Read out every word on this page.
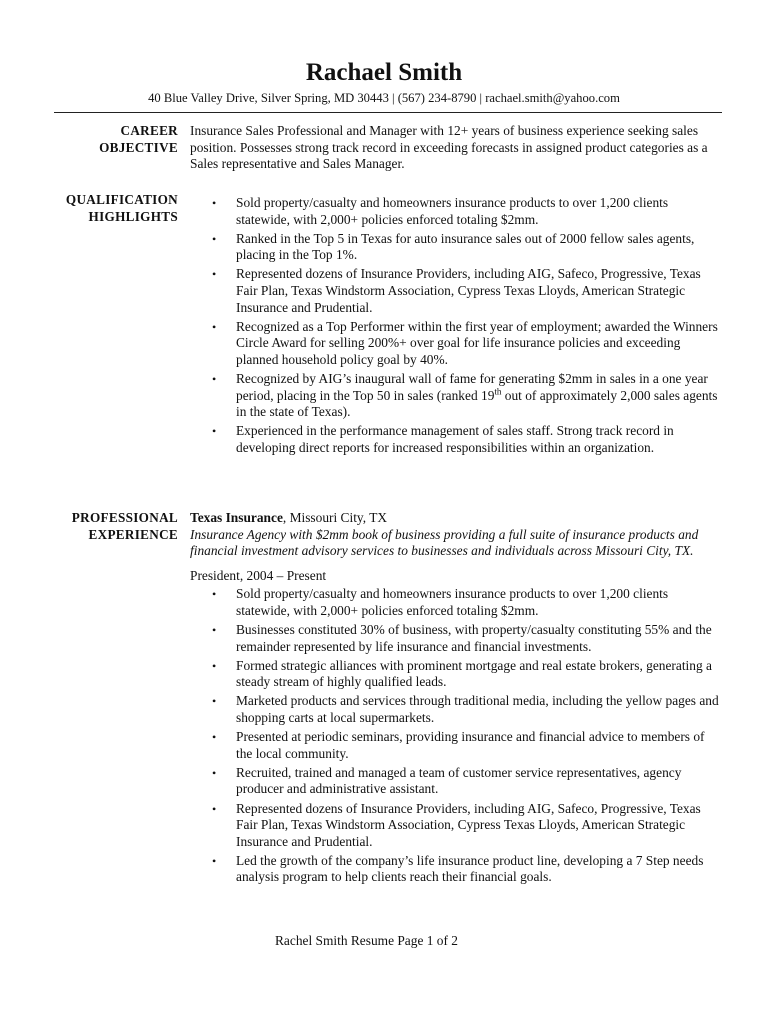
Rachael Smith
40 Blue Valley Drive, Silver Spring, MD 30443 | (567) 234-8790 | rachael.smith@yahoo.com
CAREER
OBJECTIVE

Insurance Sales Professional and Manager with 12+ years of business experience seeking sales position. Possesses strong track record in exceeding forecasts in assigned product categories as a Sales representative and Sales Manager.

QUALIFICATION
HIGHLIGHTS
• Sold property/casualty and homeowners insurance products to over 1,200 clients statewide, with 2,000+ policies enforced totaling $2mm.
• Ranked in the Top 5 in Texas for auto insurance sales out of 2000 fellow sales agents, placing in the Top 1%.
• Represented dozens of Insurance Providers, including AIG, Safeco, Progressive, Texas Fair Plan, Texas Windstorm Association, Cypress Texas Lloyds, American Strategic Insurance and Prudential.
• Recognized as a Top Performer within the first year of employment; awarded the Winners Circle Award for selling 200%+ over goal for life insurance policies and exceeding planned household policy goal by 40%.
• Recognized by AIG’s inaugural wall of fame for generating $2mm in sales in a one year period, placing in the Top 50 in sales (ranked 19th out of approximately 2,000 sales agents in the state of Texas).
• Experienced in the performance management of sales staff. Strong track record in developing direct reports for increased responsibilities within an organization.
PROFESSIONAL
EXPERIENCE

Texas Insurance, Missouri City, TX

Insurance Agency with $2mm book of business providing a full suite of insurance products and financial investment advisory services to businesses and individuals across Missouri City, TX.

President, 2004 – Present

• Sold property/casualty and homeowners insurance products to over 1,200 clients statewide, with 2,000+ policies enforced totaling $2mm.
• Businesses constituted 30% of business, with property/casualty constituting 55% and the remainder represented by life insurance and financial investments.
• Formed strategic alliances with prominent mortgage and real estate brokers, generating a steady stream of highly qualified leads.
• Marketed products and services through traditional media, including the yellow pages and shopping carts at local supermarkets.
• Presented at periodic seminars, providing insurance and financial advice to members of the local community.
• Recruited, trained and managed a team of customer service representatives, agency producer and administrative assistant.
• Represented dozens of Insurance Providers, including AIG, Safeco, Progressive, Texas Fair Plan, Texas Windstorm Association, Cypress Texas Lloyds, American Strategic Insurance and Prudential.
• Led the growth of the company’s life insurance product line, developing a 7 Step needs analysis program to help clients reach their financial goals.
Rachel Smith Resume Page 1 of 2
